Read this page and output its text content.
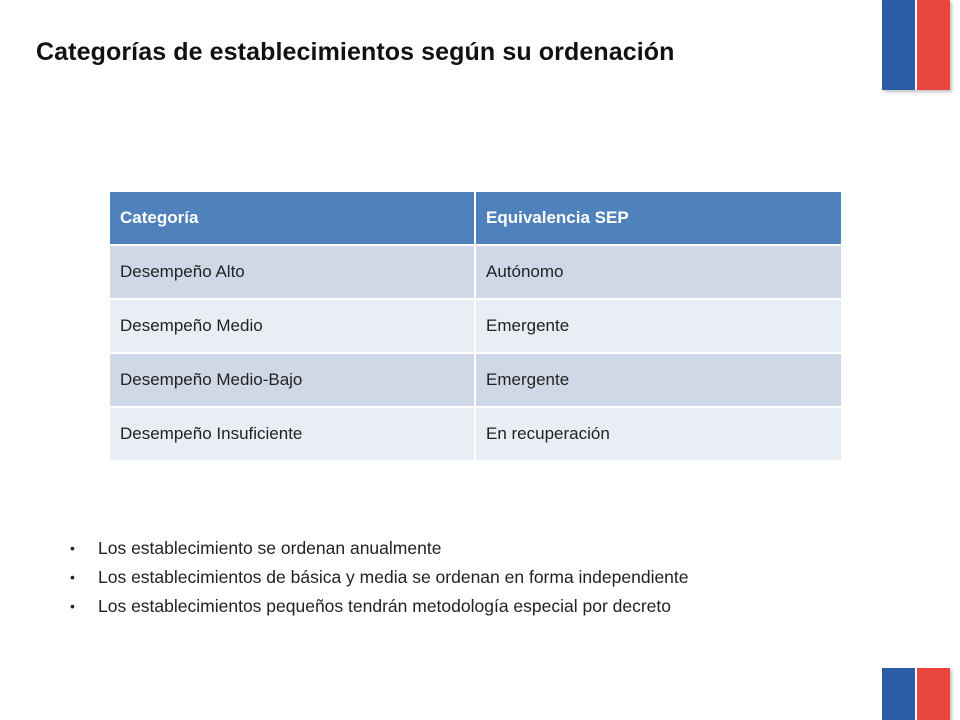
Categorías de establecimientos según su ordenación
Categoría	Equivalencia SEP
Desempeño Alto	Autónomo
Desempeño Medio	Emergente
Desempeño Medio-Bajo	Emergente
Desempeño Insuficiente	En recuperación
• Los establecimiento se ordenan anualmente
• Los establecimientos de básica y media se ordenan en forma independiente
• Los establecimientos pequeños tendrán metodología especial por decreto
